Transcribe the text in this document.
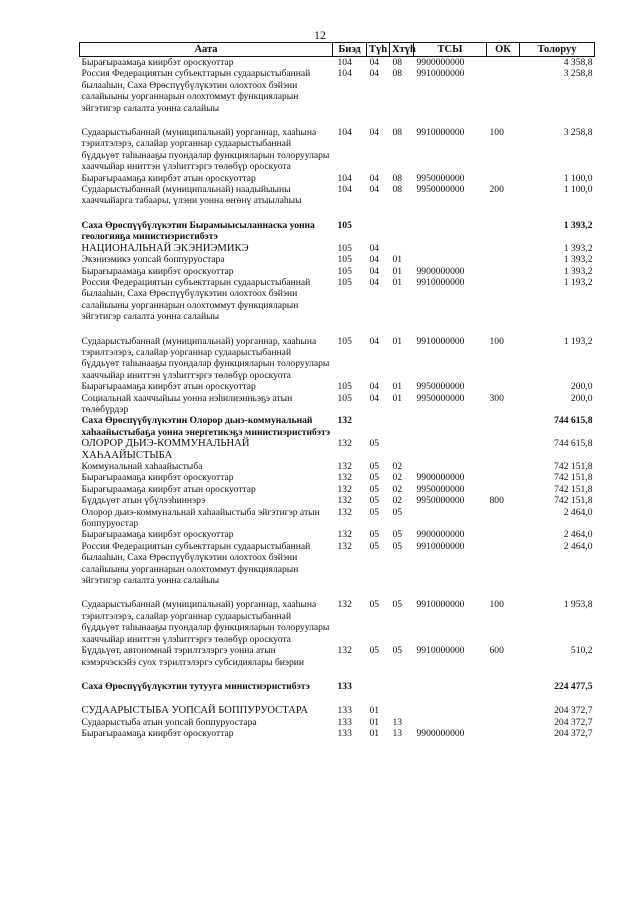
12
Аата	Биэд	Түһ	Хтүһ	ТСЫ	ОК	Толоруу
Бырағыраамаҕа киирбэт ороскуоттар	104	04	08	9900000000		4 358,8
Россия Федерациятын субъекттарын судаарыстыбаннай былааһын, Саха Өрөспүүбүлүкэтин олохтоох бэйэни салайыыны уорганнарын олохтоммут функцияларын эйгэтигэр салалта уонна салайыы	104	04	08	9910000000		3 258,8
Судаарыстыбаннай (муниципальнай) уорганнар, хааһына тэрилтэлэрэ, салайар уорганнар судаарыстыбаннай бүддьүөт таһынааҕы пуондалар функцияларын толоруулары хааччыйар иниттэн үлэһиттэргэ төлөбүр ороскуота	104	04	08	9910000000	100	3 258,8
Бырағыраамаҕа киирбэт атын ороскуоттар	104	04	08	9950000000		1 100,0
Судаарыстыбаннай (муниципальнай) наадыйыыны хааччыйарга табаары, үлэни уонна өҥөнү атыылаһыы	104	04	08	9950000000	200	1 100,0
Саха Өрөспүүбүлүкэтин Бырамыысыланнаска уонна геологияҕа министиэристибэтэ	105					1 393,2
НАЦИОНАЛЬНАЙ ЭКЭНИЭМИКЭ	105	04				1 393,2
Экэниэмикэ уопсай боппуруостара	105	04	01			1 393,2
Бырағыраамаҕа киирбэт ороскуоттар	105	04	01	9900000000		1 393,2
Россия Федерациятын субъекттарын судаарыстыбаннай былааһын, Саха Өрөспүүбүлүкэтин олохтоох бэйэни салайыыны уорганнарын олохтоммут функцияларын эйгэтигэр салалта уонна салайыы	105	04	01	9910000000		1 193,2
Судаарыстыбаннай (муниципальнай) уорганнар, хааһына тэрилтэлэрэ, салайар уорганнар судаарыстыбаннай бүддьүөт таһынааҕы пуондалар функцияларын толоруулары хааччыйар иниттэн үлэһиттэргэ төлөбүр ороскуота	105	04	01	9910000000	100	1 193,2
Бырағыраамаҕа киирбэт атын ороскуоттар	105	04	01	9950000000		200,0
Социальнай хааччыйыы уонна нэһилиэнньэҕэ атын төлөбүрдэр	105	04	01	9950000000	300	200,0
Саха Өрөспүүбүлүкэтин Олорор дьиэ-коммунальнай хаһаайыстыбаҕа уонна энергетикэҕэ министиэристибэтэ	132					744 615,8
ОЛОРОР ДЬИЭ-КОММУНАЛЬНАЙ ХАҺААЙЫСТЫБА	132	05				744 615,8
Коммунальнай хаһаайыстыба	132	05	02			742 151,8
Бырағыраамаҕа киирбэт ороскуоттар	132	05	02	9900000000		742 151,8
Бырағыраамаҕа киирбэт атын ороскуоттар	132	05	02	9950000000		742 151,8
Бүддьүөт атын үбүлээһиннэрэ	132	05	02	9950000000	800	742 151,8
Олорор дьиэ-коммунальнай хаһаайыстыба эйгэтигэр атын боппуруостар	132	05	05			2 464,0
Бырағыраамаҕа киирбэт ороскуоттар	132	05	05	9900000000		2 464,0
Россия Федерациятын субъекттарын судаарыстыбаннай былааһын, Саха Өрөспүүбүлүкэтин олохтоох бэйэни салайыыны уорганнарын олохтоммут функцияларын эйгэтигэр салалта уонна салайыы	132	05	05	9910000000		2 464,0
Судаарыстыбаннай (муниципальнай) уорганнар, хааһына тэрилтэлэрэ, салайар уорганнар судаарыстыбаннай бүддьүөт таһынааҕы пуондалар функцияларын толоруулары хааччыйар иниттэн үлэһиттэргэ төлөбүр ороскуота	132	05	05	9910000000	100	1 953,8
Бүддьүөт, автономнай тэрилтэлэргэ уонна атын кэмэрчэскэйэ суох тэрилтэлэргэ субсидиялары биэрии	132	05	05	9910000000	600	510,2
Саха Өрөспүүбүлүкэтин тутууга министиэристибэтэ	133					224 477,5
СУДААРЫСТЫБА УОПСАЙ БОППУРУОСТАРА	133	01				204 372,7
Судаарыстыба атын уопсай боппуруостара	133	01	13			204 372,7
Бырағыраамаҕа киирбэт ороскуоттар	133	01	13	9900000000		204 372,7
